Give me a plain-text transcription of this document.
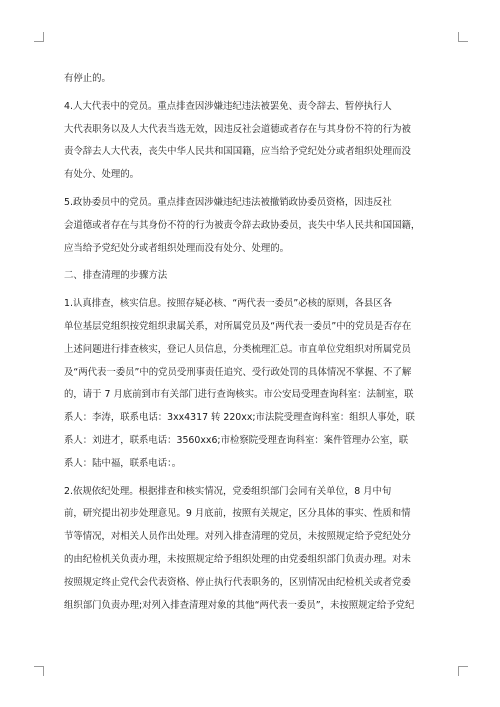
有停止的。

4.人大代表中的党员。重点排查因涉嫌违纪违法被罢免、责令辞去、暂停执行人

大代表职务以及人大代表当选无效，因违反社会道德或者存在与其身份不符的行为被

责令辞去人大代表，丧失中华人民共和国国籍，应当给予党纪处分或者组织处理而没

有处分、处理的。

5.政协委员中的党员。重点排查因涉嫌违纪违法被撤销政协委员资格，因违反社

会道德或者存在与其身份不符的行为被责令辞去政协委员，丧失中华人民共和国国籍，

应当给予党纪处分或者组织处理而没有处分、处理的。

二、排查清理的步骤方法

1.认真排查，核实信息。按照存疑必核、“两代表一委员”必核的原则，各县区各

单位基层党组织按党组织隶属关系，对所属党员及“两代表一委员”中的党员是否存在

上述问题进行排查核实，登记人员信息，分类梳理汇总。市直单位党组织对所属党员

及“两代表一委员”中的党员受刑事责任追究、受行政处罚的具体情况不掌握、不了解

的，请于 7 月底前到市有关部门进行查询核实。市公安局受理查询科室：法制室，联

系人：李涛，联系电话：3xx4317 转 220xx;市法院受理查询科室：组织人事处，联

系人：刘进才，联系电话：3560xx6;市检察院受理查询科室：案件管理办公室，联

系人：陆中福，联系电话：。

2.依规依纪处理。根据排查和核实情况，党委组织部门会同有关单位，8 月中旬

前，研究提出初步处理意见。9 月底前，按照有关规定，区分具体的事实、性质和情

节等情况，对相关人员作出处理。对列入排查清理的党员，未按照规定给予党纪处分

的由纪检机关负责办理，未按照规定给予组织处理的由党委组织部门负责办理。对未

按照规定终止党代会代表资格、停止执行代表职务的，区别情况由纪检机关或者党委

组织部门负责办理;对列入排查清理对象的其他“两代表一委员”，未按照规定给予党纪
